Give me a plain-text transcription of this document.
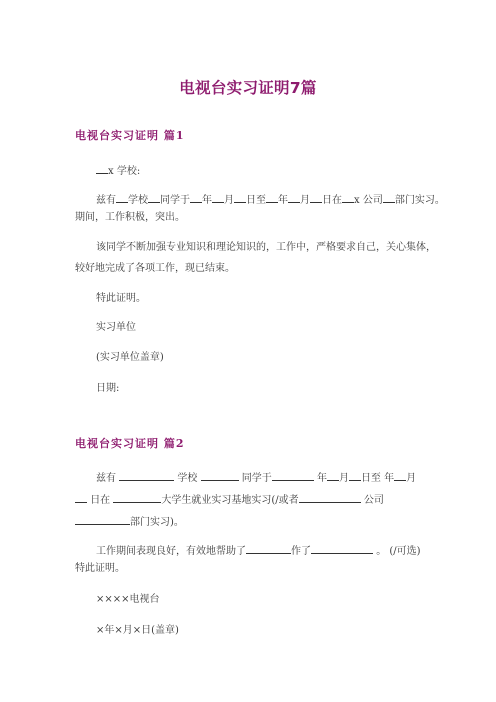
电视台实习证明7篇
电视台实习证明 篇1
x 学校:
兹有 学校 同学于 年 月 日至 年 月 日在 x 公司 部门实习。
期间，工作积极，突出。
该同学不断加强专业知识和理论知识的，工作中，严格要求自己，关心集体，
较好地完成了各项工作，现已结束。
特此证明。
实习单位
(实习单位盖章)
日期:
电视台实习证明 篇2
兹有	学校	同学于	年 月 日至 年 月
日在	大学生就业实习基地实习(/或者	公司
部门实习)。
工作期间表现良好，有效地帮助了	作了	。 (/可选)
特此证明。
××××电视台
×年×月×日(盖章)
